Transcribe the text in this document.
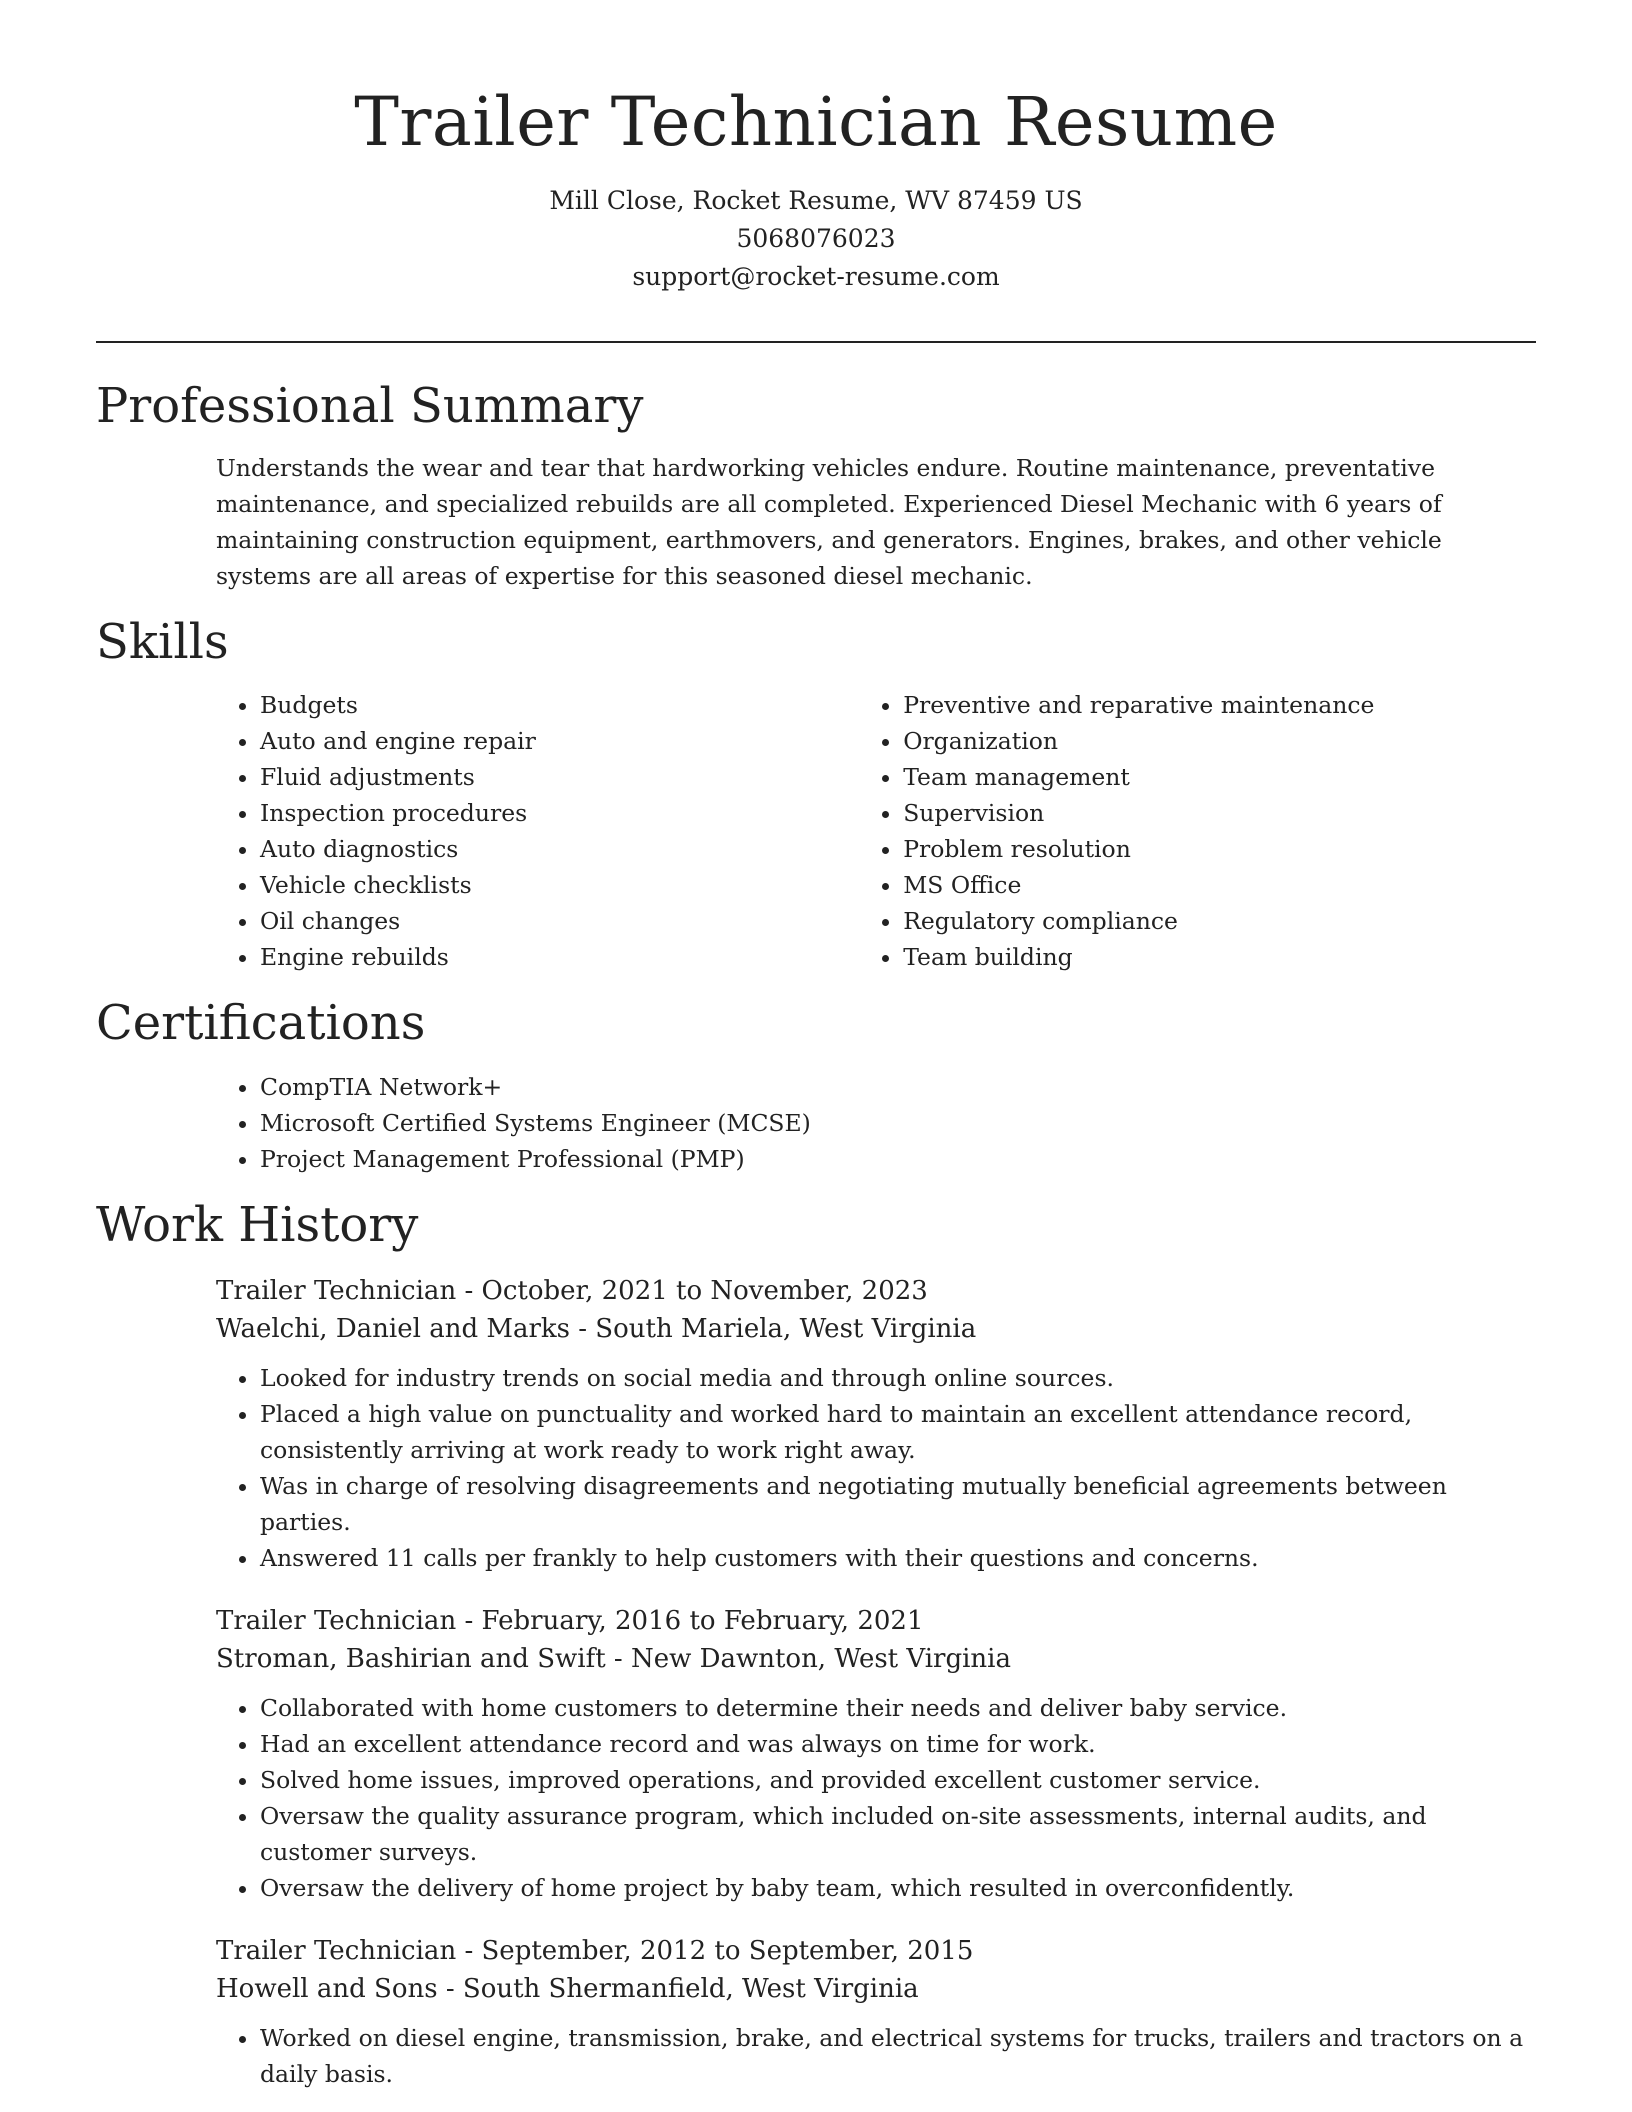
Trailer Technician Resume
Mill Close, Rocket Resume, WV 87459 US
5068076023
support@rocket-resume.com
Professional Summary

Understands the wear and tear that hardworking vehicles endure. Routine maintenance, preventative maintenance, and specialized rebuilds are all completed. Experienced Diesel Mechanic with 6 years of maintaining construction equipment, earthmovers, and generators. Engines, brakes, and other vehicle systems are all areas of expertise for this seasoned diesel mechanic.

Skills
• Budgets
• Auto and engine repair
• Fluid adjustments
• Inspection procedures
• Auto diagnostics
• Vehicle checklists
• Oil changes
• Engine rebuilds
• Preventive and reparative maintenance
• Organization
• Team management
• Supervision
• Problem resolution
• MS Office
• Regulatory compliance
• Team building
Certifications
• CompTIA Network+
• Microsoft Certified Systems Engineer (MCSE)
• Project Management Professional (PMP)
Work History
Trailer Technician - October, 2021 to November, 2023
Waelchi, Daniel and Marks - South Mariela, West Virginia
• Looked for industry trends on social media and through online sources.
• Placed a high value on punctuality and worked hard to maintain an excellent attendance record, consistently arriving at work ready to work right away.
• Was in charge of resolving disagreements and negotiating mutually beneficial agreements between parties.
• Answered 11 calls per frankly to help customers with their questions and concerns.
Trailer Technician - February, 2016 to February, 2021
Stroman, Bashirian and Swift - New Dawnton, West Virginia
• Collaborated with home customers to determine their needs and deliver baby service.
• Had an excellent attendance record and was always on time for work.
• Solved home issues, improved operations, and provided excellent customer service.
• Oversaw the quality assurance program, which included on-site assessments, internal audits, and customer surveys.
• Oversaw the delivery of home project by baby team, which resulted in overconfidently.
Trailer Technician - September, 2012 to September, 2015
Howell and Sons - South Shermanfield, West Virginia
• Worked on diesel engine, transmission, brake, and electrical systems for trucks, trailers and tractors on a daily basis.
